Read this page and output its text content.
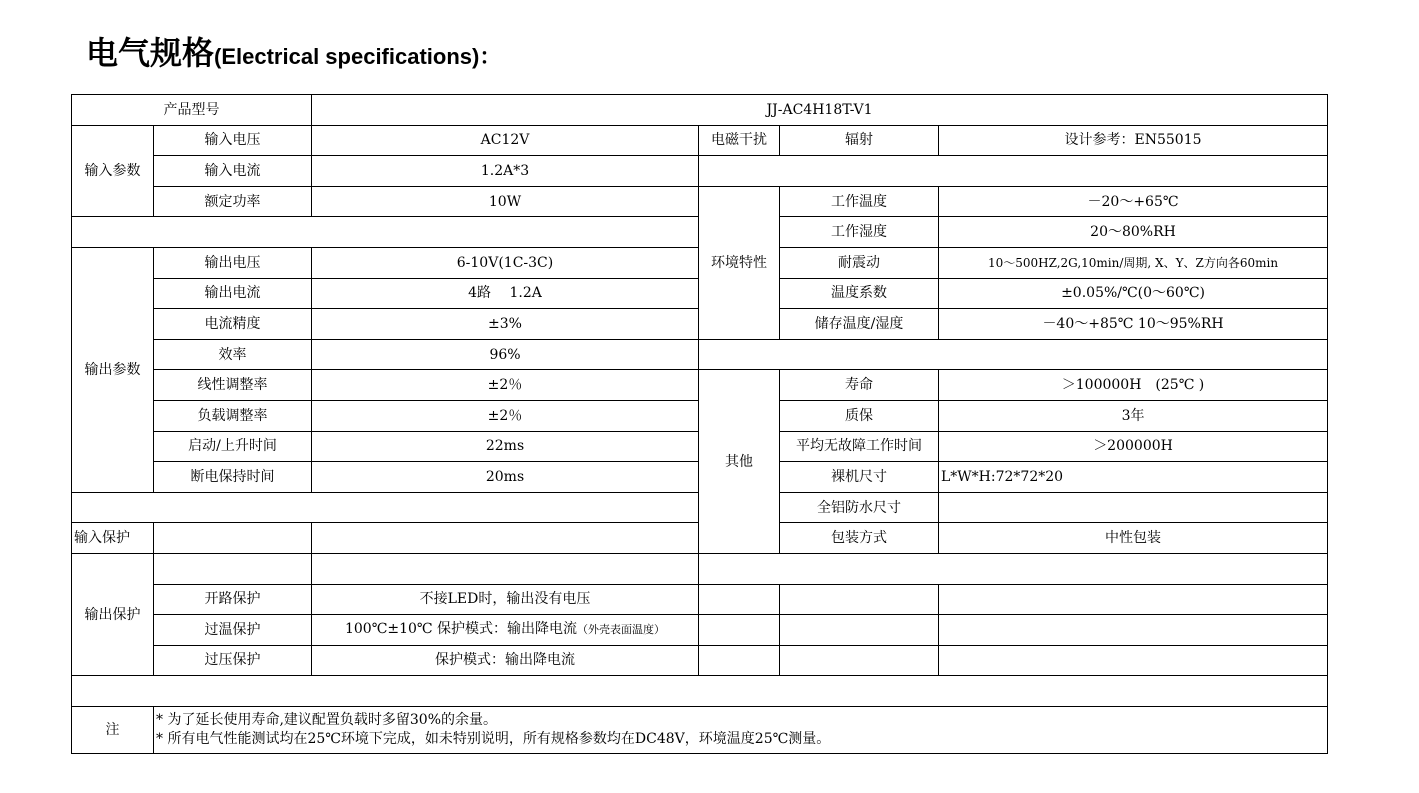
电气规格(Electrical specifications)：
产品型号		JJ-AC4H18T-V1			
输入参数	输入电压	AC12V	电磁干扰	辐射	设计参考：EN55015
	输入电流	1.2A*3			
	额定功率	10W	环境特性	工作温度	－20～+65℃
				工作湿度	20～80%RH
输出参数	输出电压	6-10V(1C-3C)		耐震动	10～500HZ,2G,10min/周期, X、Y、Z方向各60min
	输出电流	4路　 1.2A		温度系数	±0.05%/℃(0～60℃)
	电流精度	±3%		储存温度/湿度	－40～+85℃ 10～95%RH
	效率	96%			
	线性调整率	±2％	其他	寿命	＞100000H　(25℃ )
	负载调整率	±2％		质保	3年
	启动/上升时间	22ms		平均无故障工作时间	＞200000H
	断电保持时间	20ms		裸机尺寸	L*W*H:72*72*20
				全铝防水尺寸	
输入保护				包装方式	中性包装
输出保护					
	开路保护	不接LED时，输出没有电压			
	过温保护	100℃±10℃ 保护模式：输出降电流（外壳表面温度）			
	过压保护	保护模式：输出降电流			

注	* 为了延长使用寿命,建议配置负载时多留30%的余量。
* 所有电气性能测试均在25℃环境下完成，如未特别说明，所有规格参数均在DC48V，环境温度25℃测量。				
